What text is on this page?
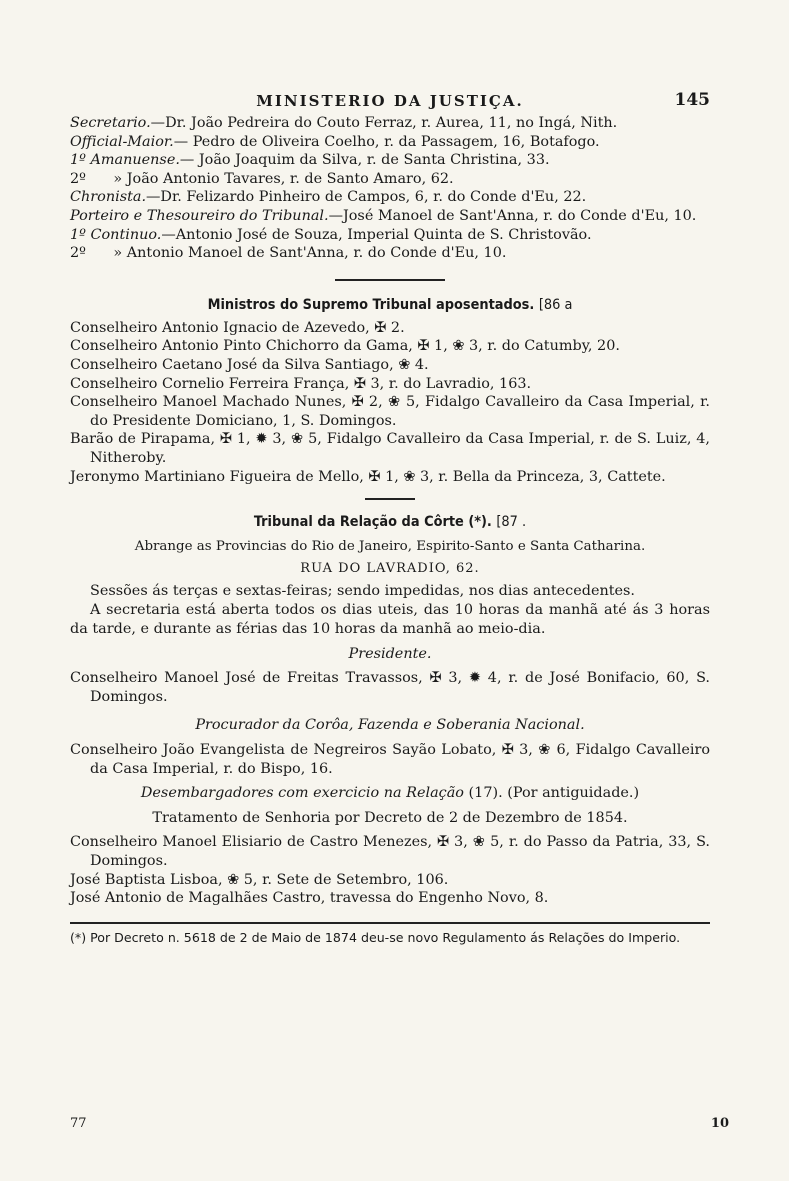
MINISTERIO DA JUSTIÇA.	145
Secretario.—Dr. João Pedreira do Couto Ferraz, r. Aurea, 11, no Ingá, Nith.
Official-Maior.— Pedro de Oliveira Coelho, r. da Passagem, 16, Botafogo.
1º Amanuense.— João Joaquim da Silva, r. de Santa Christina, 33.
2º      » João Antonio Tavares, r. de Santo Amaro, 62.
Chronista.—Dr. Felizardo Pinheiro de Campos, 6, r. do Conde d'Eu, 22.
Porteiro e Thesoureiro do Tribunal.—José Manoel de Sant'Anna, r. do Conde d'Eu, 10.
1º Continuo.—Antonio José de Souza, Imperial Quinta de S. Christovão.
2º      » Antonio Manoel de Sant'Anna, r. do Conde d'Eu, 10.
Ministros do Supremo Tribunal aposentados. [86 a
Conselheiro Antonio Ignacio de Azevedo, ✠ 2.
Conselheiro Antonio Pinto Chichorro da Gama, ✠ 1, ❀ 3, r. do Catumby, 20.
Conselheiro Caetano José da Silva Santiago, ❀ 4.
Conselheiro Cornelio Ferreira França, ✠ 3, r. do Lavradio, 163.
Conselheiro Manoel Machado Nunes, ✠ 2, ❀ 5, Fidalgo Cavalleiro da Casa Imperial, r. do Presidente Domiciano, 1, S. Domingos.
Barão de Pirapama, ✠ 1, ✹ 3, ❀ 5, Fidalgo Cavalleiro da Casa Imperial, r. de S. Luiz, 4, Nitheroby.
Jeronymo Martiniano Figueira de Mello, ✠ 1, ❀ 3, r. Bella da Princeza, 3, Cattete.
Tribunal da Relação da Côrte (*). [87 .
Abrange as Provincias do Rio de Janeiro, Espirito-Santo e Santa Catharina.
RUA DO LAVRADIO, 62.
Sessões ás terças e sextas-feiras; sendo impedidas, nos dias antecedentes.
A secretaria está aberta todos os dias uteis, das 10 horas da manhã até ás 3 horas da tarde, e durante as férias das 10 horas da manhã ao meio-dia.
Presidente.
Conselheiro Manoel José de Freitas Travassos, ✠ 3, ✹ 4, r. de José Bonifacio, 60, S. Domingos.
Procurador da Corôa, Fazenda e Soberania Nacional.
Conselheiro João Evangelista de Negreiros Sayão Lobato, ✠ 3, ❀ 6, Fidalgo Cavalleiro da Casa Imperial, r. do Bispo, 16.
Desembargadores com exercicio na Relação (17). (Por antiguidade.)
Tratamento de Senhoria por Decreto de 2 de Dezembro de 1854.
Conselheiro Manoel Elisiario de Castro Menezes, ✠ 3, ❀ 5, r. do Passo da Patria, 33, S. Domingos.
José Baptista Lisboa, ❀ 5, r. Sete de Setembro, 106.
José Antonio de Magalhães Castro, travessa do Engenho Novo, 8.
(*) Por Decreto n. 5618 de 2 de Maio de 1874 deu-se novo Regulamento ás Relações do Imperio.
77	10
